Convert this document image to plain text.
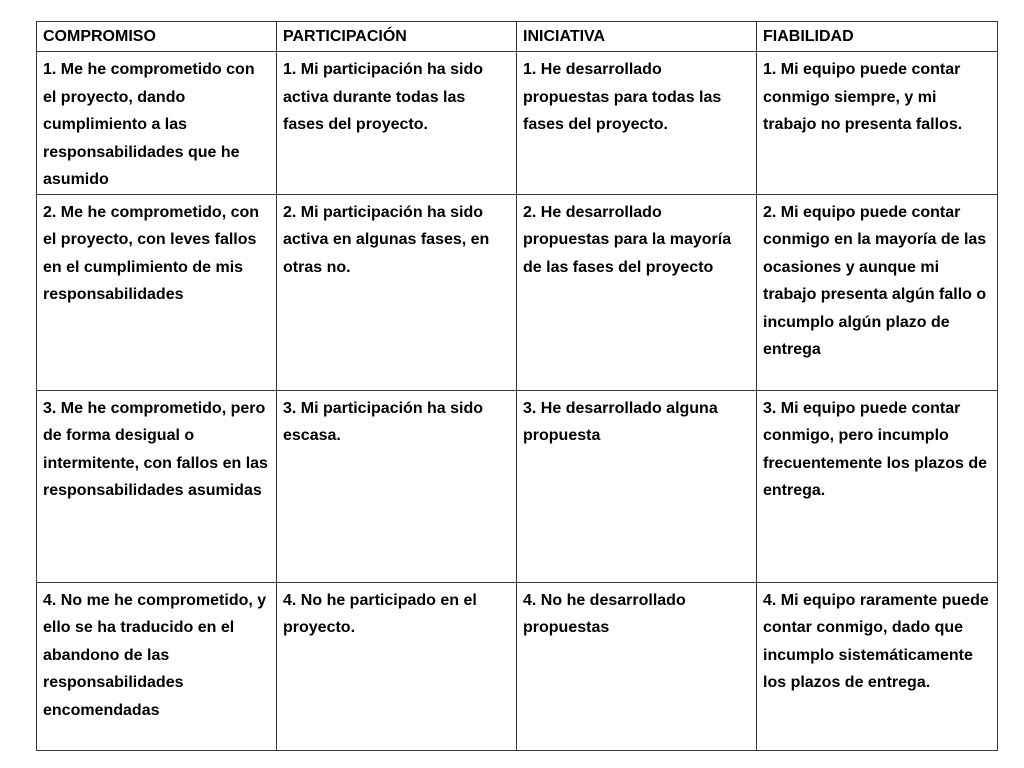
COMPROMISO	PARTICIPACIÓN	INICIATIVA	FIABILIDAD
1. Me he comprometido con el proyecto, dando cumplimiento a las responsabilidades que he asumido	1. Mi participación ha sido activa durante todas las fases del proyecto.	1. He desarrollado propuestas para todas las fases del proyecto.	1. Mi equipo puede contar conmigo siempre, y mi trabajo no presenta fallos.
2. Me he comprometido, con el proyecto, con leves fallos en el cumplimiento de mis responsabilidades	2. Mi participación ha sido activa en algunas fases, en otras no.	2. He desarrollado propuestas para la mayoría de las fases del proyecto	2. Mi equipo puede contar conmigo en la mayoría de las ocasiones y aunque mi trabajo presenta algún fallo o incumplo algún plazo de entrega
3. Me he comprometido, pero de forma desigual o intermitente, con fallos en las responsabilidades asumidas	3. Mi participación ha sido escasa.	3. He desarrollado alguna propuesta	3. Mi equipo puede contar conmigo, pero incumplo frecuentemente los plazos de entrega.
4. No me he comprometido, y ello se ha traducido en el abandono de las responsabilidades encomendadas	4. No he participado en el proyecto.	4. No he desarrollado propuestas	4. Mi equipo raramente puede contar conmigo, dado que incumplo sistemáticamente los plazos de entrega.
